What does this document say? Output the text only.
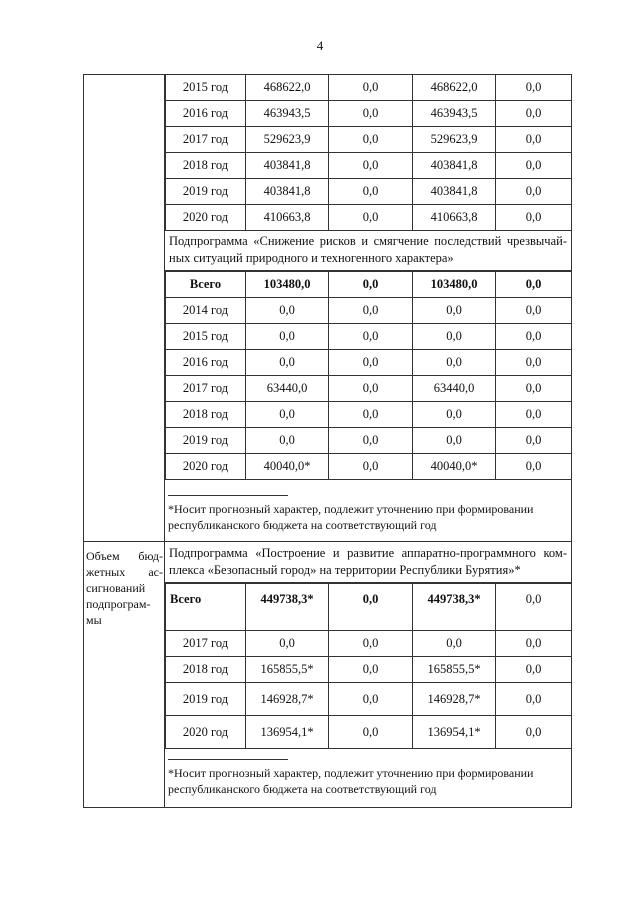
4
Объем бюд-жетных ас-сигнований подпрограм-мы
2015 год	468622,0	0,0	468622,0	0,0
2016 год	463943,5	0,0	463943,5	0,0
2017 год	529623,9	0,0	529623,9	0,0
2018 год	403841,8	0,0	403841,8	0,0
2019 год	403841,8	0,0	403841,8	0,0
2020 год	410663,8	0,0	410663,8	0,0
Подпрограмма «Снижение рисков и смягчение последствий чрезвычай-ных ситуаций природного и техногенного характера»
Всего	103480,0	0,0	103480,0	0,0
2014 год	0,0	0,0	0,0	0,0
2015 год	0,0	0,0	0,0	0,0
2016 год	0,0	0,0	0,0	0,0
2017 год	63440,0	0,0	63440,0	0,0
2018 год	0,0	0,0	0,0	0,0
2019 год	0,0	0,0	0,0	0,0
2020 год	40040,0*	0,0	40040,0*	0,0
*Носит прогнозный характер, подлежит уточнению при формировании республиканского бюджета на соответствующий год
Подпрограмма «Построение и развитие аппаратно-программного ком-плекса «Безопасный город» на территории Республики Бурятия»*
Всего	449738,3*	0,0	449738,3*	0,0
2017 год	0,0	0,0	0,0	0,0
2018 год	165855,5*	0,0	165855,5*	0,0
2019 год	146928,7*	0,0	146928,7*	0,0
2020 год	136954,1*	0,0	136954,1*	0,0
*Носит прогнозный характер, подлежит уточнению при формировании республиканского бюджета на соответствующий год
